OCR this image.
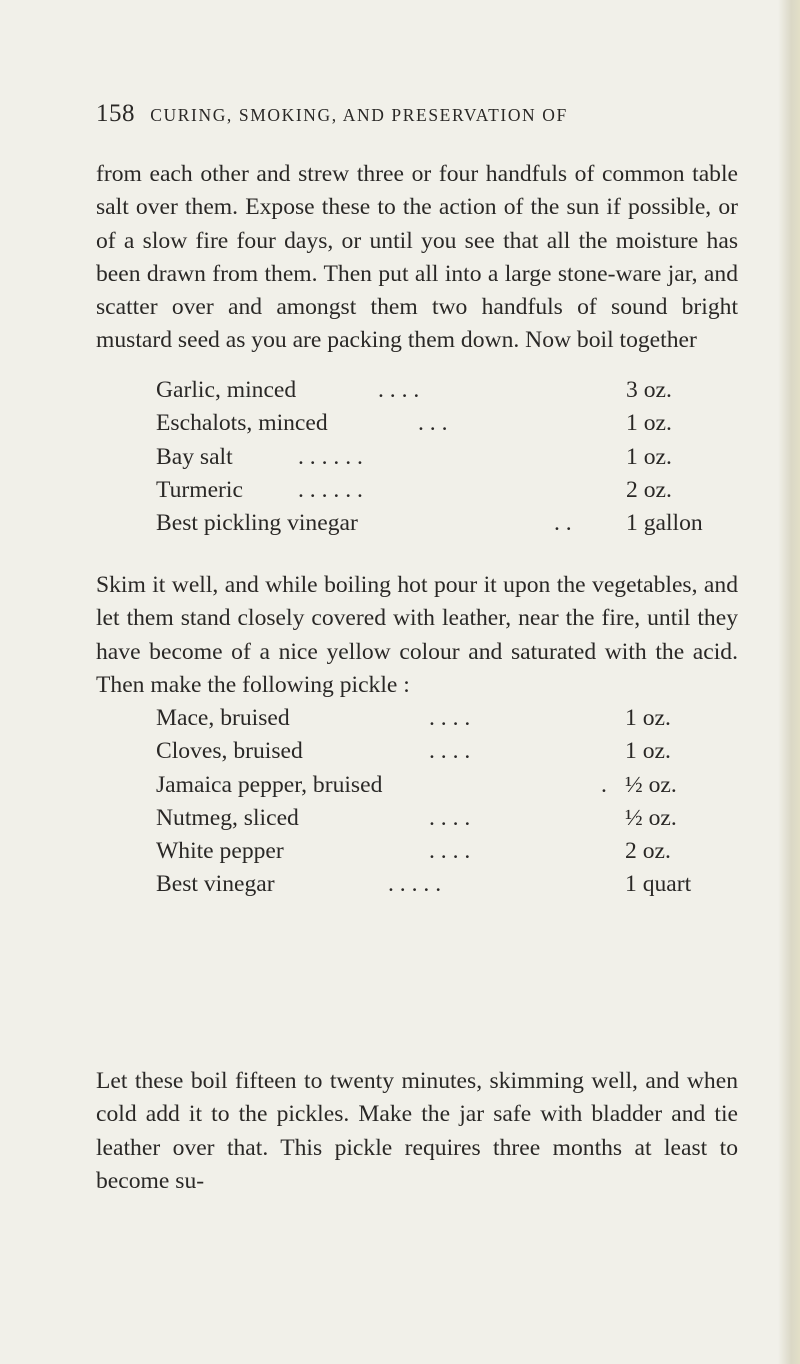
158 CURING, SMOKING, AND PRESERVATION OF

from each other and strew three or four handfuls of common table salt over them. Expose these to the action of the sun if possible, or of a slow fire four days, or until you see that all the moisture has been drawn from them. Then put all into a large stone-ware jar, and scatter over and amongst them two handfuls of sound bright mustard seed as you are packing them down. Now boil together

Garlic, minced	. . . .	3 oz.
Eschalots, minced	. . .	1 oz.
Bay salt	. . . . . .	1 oz.
Turmeric . . . . . .	2 oz.
Best pickling vinegar	. . 1 gallon

Skim it well, and while boiling hot pour it upon the vegetables, and let them stand closely covered with leather, near the fire, until they have become of a nice yellow colour and saturated with the acid. Then make the following pickle :

Mace, bruised	. . . .	1 oz.
Cloves, bruised	. . . .	1 oz.
Jamaica pepper, bruised	. ½ oz.
Nutmeg, sliced	. . . .	½ oz.
White pepper	. . . .	2 oz.
Best vinegar	. . . . .	1 quart

Let these boil fifteen to twenty minutes, skimming well, and when cold add it to the pickles. Make the jar safe with bladder and tie leather over that. This pickle requires three months at least to become su-
